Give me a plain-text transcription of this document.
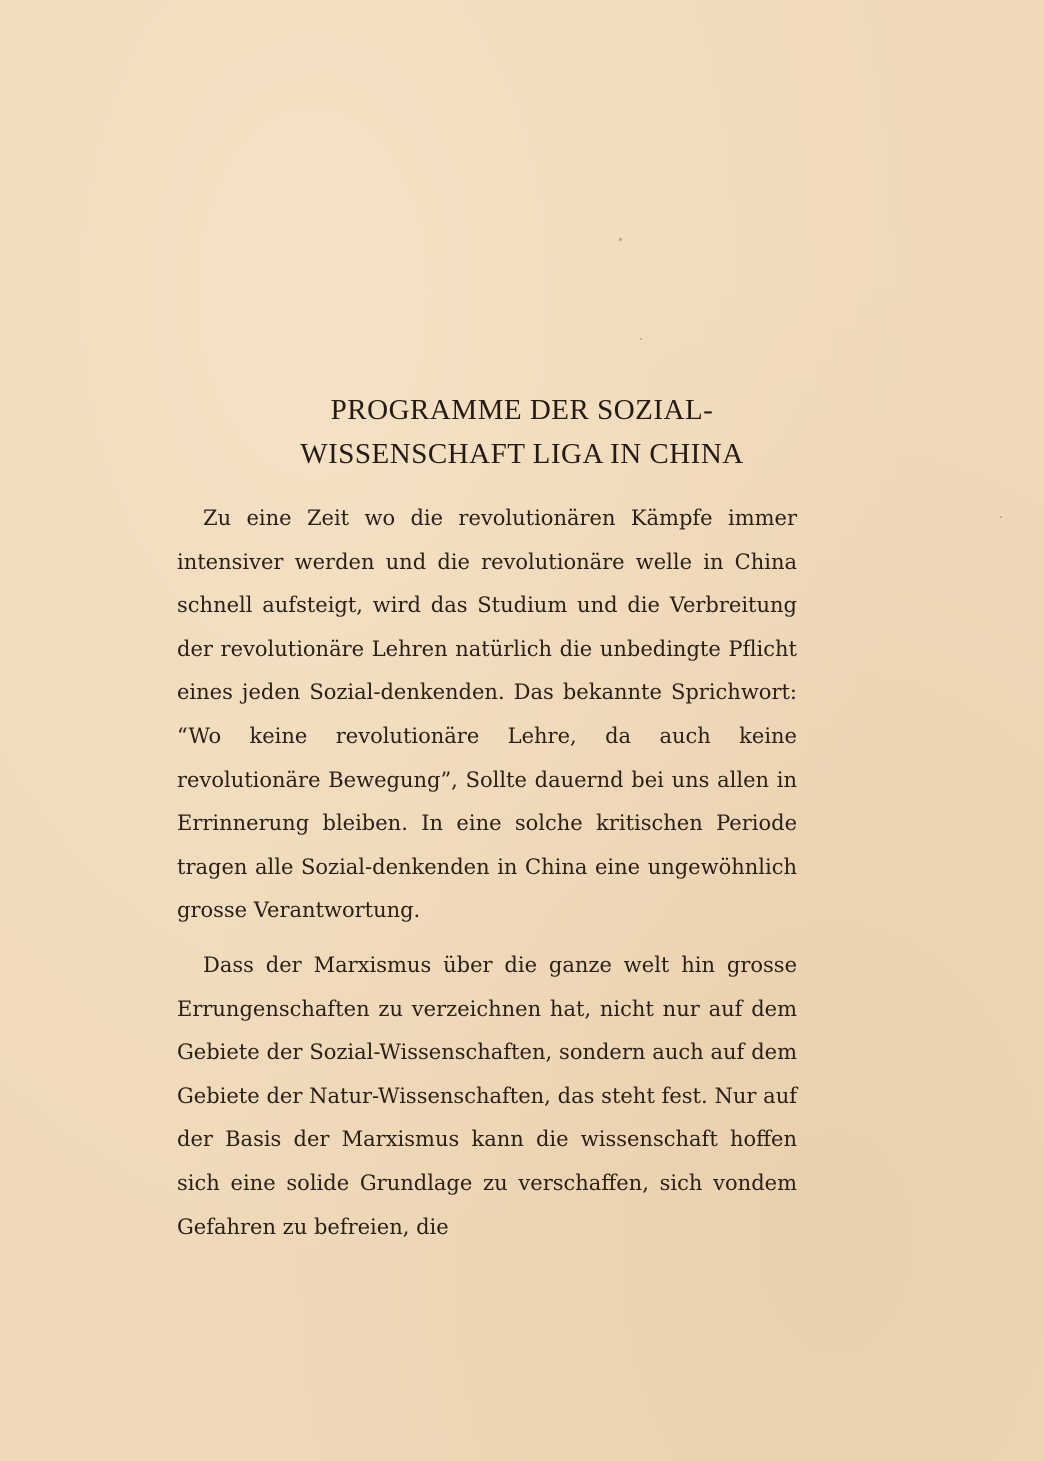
PROGRAMME DER SOZIAL-
WISSENSCHAFT LIGA IN CHINA

Zu eine Zeit wo die revolutionären Kämpfe immer intensiver werden und die revolutionäre welle in China schnell aufsteigt, wird das Studium und die Verbreitung der revolutionäre Lehren natürlich die unbedingte Pflicht eines jeden Sozial-denkenden. Das bekannte Sprichwort: “Wo keine revolutionäre Lehre, da auch keine revolutionäre Bewegung”, Sollte dauernd bei uns allen in Errinnerung bleiben. In eine solche kritischen Periode tragen alle Sozial-denkenden in China eine ungewöhnlich grosse Verantwortung.

Dass der Marxismus über die ganze welt hin grosse Errungenschaften zu verzeichnen hat, nicht nur auf dem Gebiete der Sozial-Wissenschaften, sondern auch auf dem Gebiete der Natur-Wissenschaften, das steht fest. Nur auf der Basis der Marxismus kann die wissenschaft hoffen sich eine solide Grundlage zu verschaffen, sich vondem Gefahren zu befreien, die
